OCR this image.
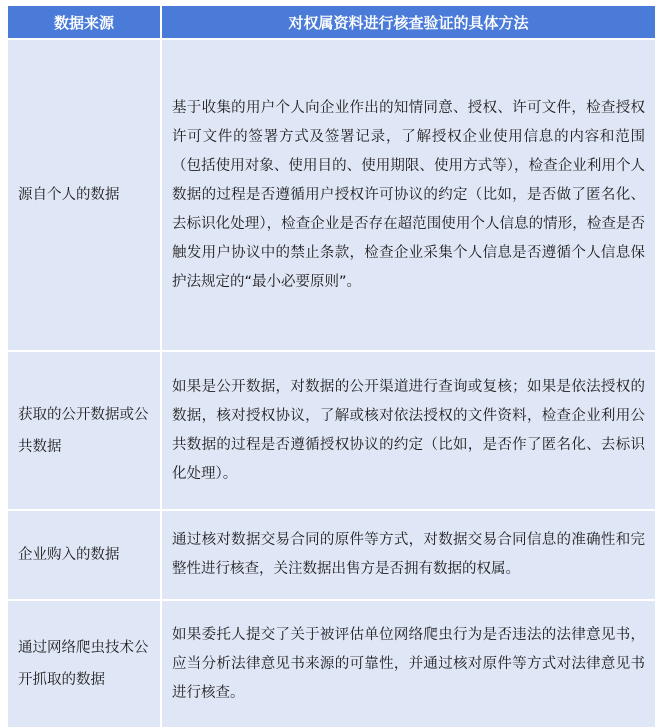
数据来源	对权属资料进行核查验证的具体方法
源自个人的数据	基于收集的用户个人向企业作出的知情同意、授权、许可文件，检查授权许可文件的签署方式及签署记录，了解授权企业使用信息的内容和范围（包括使用对象、使用目的、使用期限、使用方式等），检查企业利用个人数据的过程是否遵循用户授权许可协议的约定（比如，是否做了匿名化、去标识化处理），检查企业是否存在超范围使用个人信息的情形，检查是否触发用户协议中的禁止条款，检查企业采集个人信息是否遵循个人信息保护法规定的“最小必要原则”。
获取的公开数据或公共数据	如果是公开数据，对数据的公开渠道进行查询或复核；如果是依法授权的数据，核对授权协议，了解或核对依法授权的文件资料，检查企业利用公共数据的过程是否遵循授权协议的约定（比如，是否作了匿名化、去标识化处理）。
企业购入的数据	通过核对数据交易合同的原件等方式，对数据交易合同信息的准确性和完整性进行核查，关注数据出售方是否拥有数据的权属。
通过网络爬虫技术公开抓取的数据	如果委托人提交了关于被评估单位网络爬虫行为是否违法的法律意见书，应当分析法律意见书来源的可靠性，并通过核对原件等方式对法律意见书进行核查。
